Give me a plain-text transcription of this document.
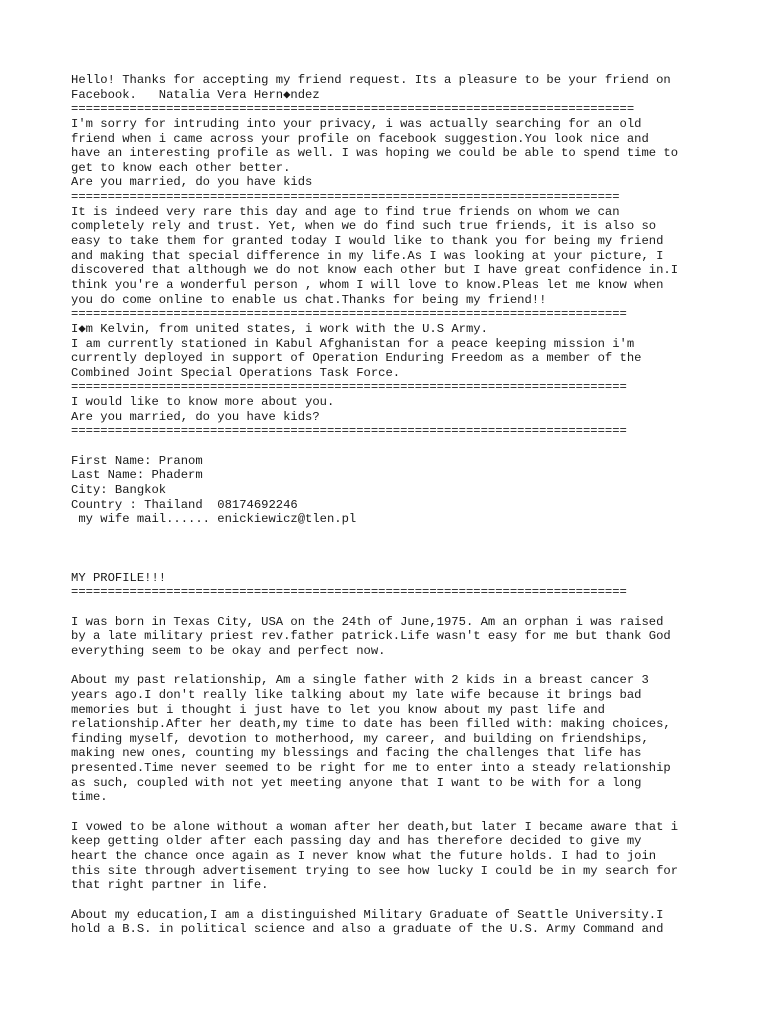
Hello! Thanks for accepting my friend request. Its a pleasure to be your friend on
Facebook.   Natalia Vera Hern◆ndez
=============================================================================
I'm sorry for intruding into your privacy, i was actually searching for an old
friend when i came across your profile on facebook suggestion.You look nice and
have an interesting profile as well. I was hoping we could be able to spend time to
get to know each other better.
Are you married, do you have kids
===========================================================================
It is indeed very rare this day and age to find true friends on whom we can
completely rely and trust. Yet, when we do find such true friends, it is also so
easy to take them for granted today I would like to thank you for being my friend
and making that special difference in my life.As I was looking at your picture, I
discovered that although we do not know each other but I have great confidence in.I
think you're a wonderful person , whom I will love to know.Pleas let me know when
you do come online to enable us chat.Thanks for being my friend!!
============================================================================
I◆m Kelvin, from united states, i work with the U.S Army.
I am currently stationed in Kabul Afghanistan for a peace keeping mission i'm
currently deployed in support of Operation Enduring Freedom as a member of the
Combined Joint Special Operations Task Force.
============================================================================
I would like to know more about you.
Are you married, do you have kids?
============================================================================
First Name: Pranom
Last Name: Phaderm
City: Bangkok
Country : Thailand  08174692246
my wife mail...... enickiewicz@tlen.pl
MY PROFILE!!!
============================================================================
I was born in Texas City, USA on the 24th of June,1975. Am an orphan i was raised
by a late military priest rev.father patrick.Life wasn't easy for me but thank God
everything seem to be okay and perfect now.
About my past relationship, Am a single father with 2 kids in a breast cancer 3
years ago.I don't really like talking about my late wife because it brings bad
memories but i thought i just have to let you know about my past life and
relationship.After her death,my time to date has been filled with: making choices,
finding myself, devotion to motherhood, my career, and building on friendships,
making new ones, counting my blessings and facing the challenges that life has
presented.Time never seemed to be right for me to enter into a steady relationship
as such, coupled with not yet meeting anyone that I want to be with for a long
time.
I vowed to be alone without a woman after her death,but later I became aware that i
keep getting older after each passing day and has therefore decided to give my
heart the chance once again as I never know what the future holds. I had to join
this site through advertisement trying to see how lucky I could be in my search for
that right partner in life.
About my education,I am a distinguished Military Graduate of Seattle University.I
hold a B.S. in political science and also a graduate of the U.S. Army Command and
